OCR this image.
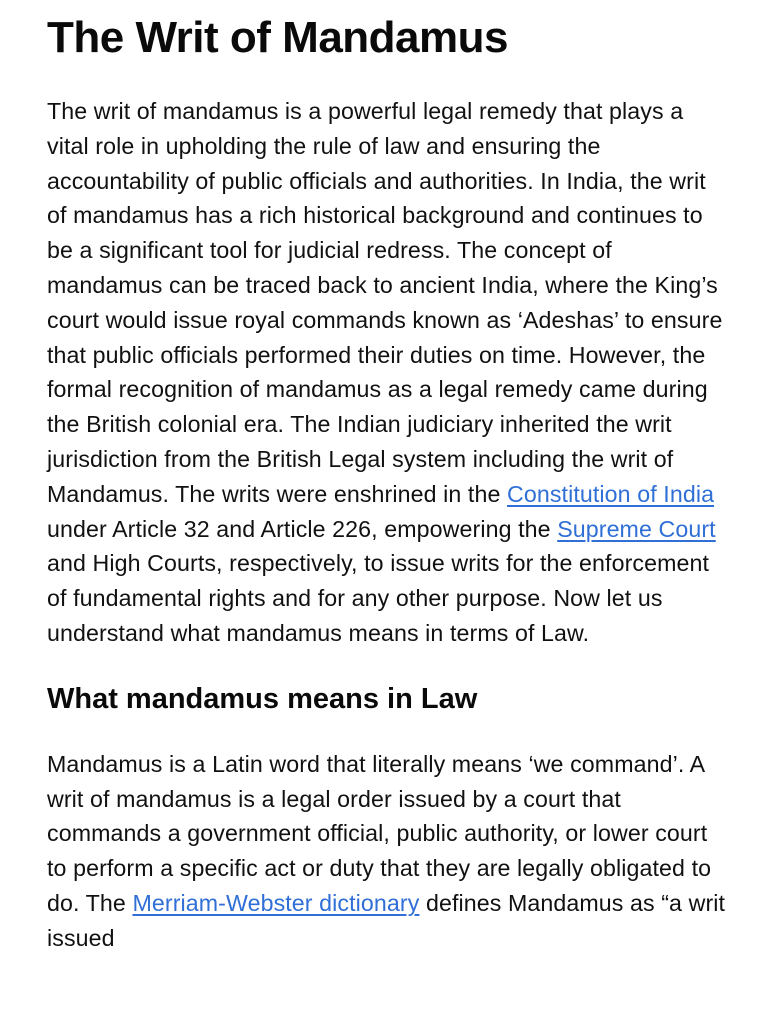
The Writ of Mandamus

The writ of mandamus is a powerful legal remedy that plays a vital role in upholding the rule of law and ensuring the accountability of public officials and authorities. In India, the writ of mandamus has a rich historical background and continues to be a significant tool for judicial redress. The concept of mandamus can be traced back to ancient India, where the King’s court would issue royal commands known as ‘Adeshas’ to ensure that public officials performed their duties on time. However, the formal recognition of mandamus as a legal remedy came during the British colonial era. The Indian judiciary inherited the writ jurisdiction from the British Legal system including the writ of Mandamus. The writs were enshrined in the Constitution of India under Article 32 and Article 226, empowering the Supreme Court and High Courts, respectively, to issue writs for the enforcement of fundamental rights and for any other purpose. Now let us understand what mandamus means in terms of Law.

What mandamus means in Law

Mandamus is a Latin word that literally means ‘we command’. A writ of mandamus is a legal order issued by a court that commands a government official, public authority, or lower court to perform a specific act or duty that they are legally obligated to do. The Merriam-Webster dictionary defines Mandamus as “a writ issued
